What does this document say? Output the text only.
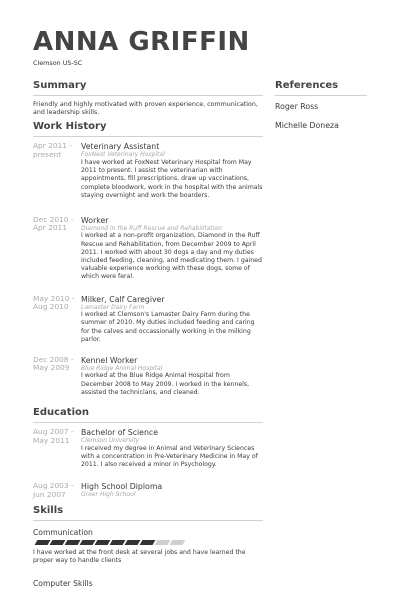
ANNA GRIFFIN
Clemson US-SC
Summary
Friendly and highly motivated with proven experience, communication, and leadership skills.
Work History
Apr 2011 - present
Veterinary Assistant
FoxNest Veterinary Hospital
I have worked at FoxNest Veterinary Hospital from May 2011 to present. I assist the veterinarian with appointments, fill prescriptions, draw up vaccinations, complete bloodwork, work in the hospital with the animals staying overnight and work the boarders.
Dec 2010 - Apr 2011
Worker
Diamond in the Ruff Rescue and Rehabilitation
I worked at a non-profit organization, Diamond in the Ruff Rescue and Rehabilitation, from December 2009 to April 2011. I worked with about 30 dogs a day and my duties included feeding, cleaning, and medicating them. I gained valuable experience working with these dogs, some of which were feral.
May 2010 - Aug 2010
Milker, Calf Caregiver
Lamaster Dairy Farm
I worked at Clemson's Lamaster Dairy Farm during the summer of 2010. My duties included feeding and caring for the calves and occassionally working in the milking parlor.
Dec 2008 - May 2009
Kennel Worker
Blue Ridge Animal Hospital
I worked at the Blue Ridge Animal Hospital from December 2008 to May 2009. I worked in the kennels, assisted the technicians, and cleaned.
Education
Aug 2007 - May 2011
Bachelor of Science
Clemson University
I received my degree in Animal and Veterinary Sciences with a concentration in Pre-Veterinary Medicine in May of 2011. I also received a minor in Psychology.
Aug 2003 - Jun 2007
High School Diploma
Greer High School
Skills
Communication
I have worked at the front desk at several jobs and have learned the proper way to handle clients
Computer Skills
References
Roger Ross
Michelle Doneza
